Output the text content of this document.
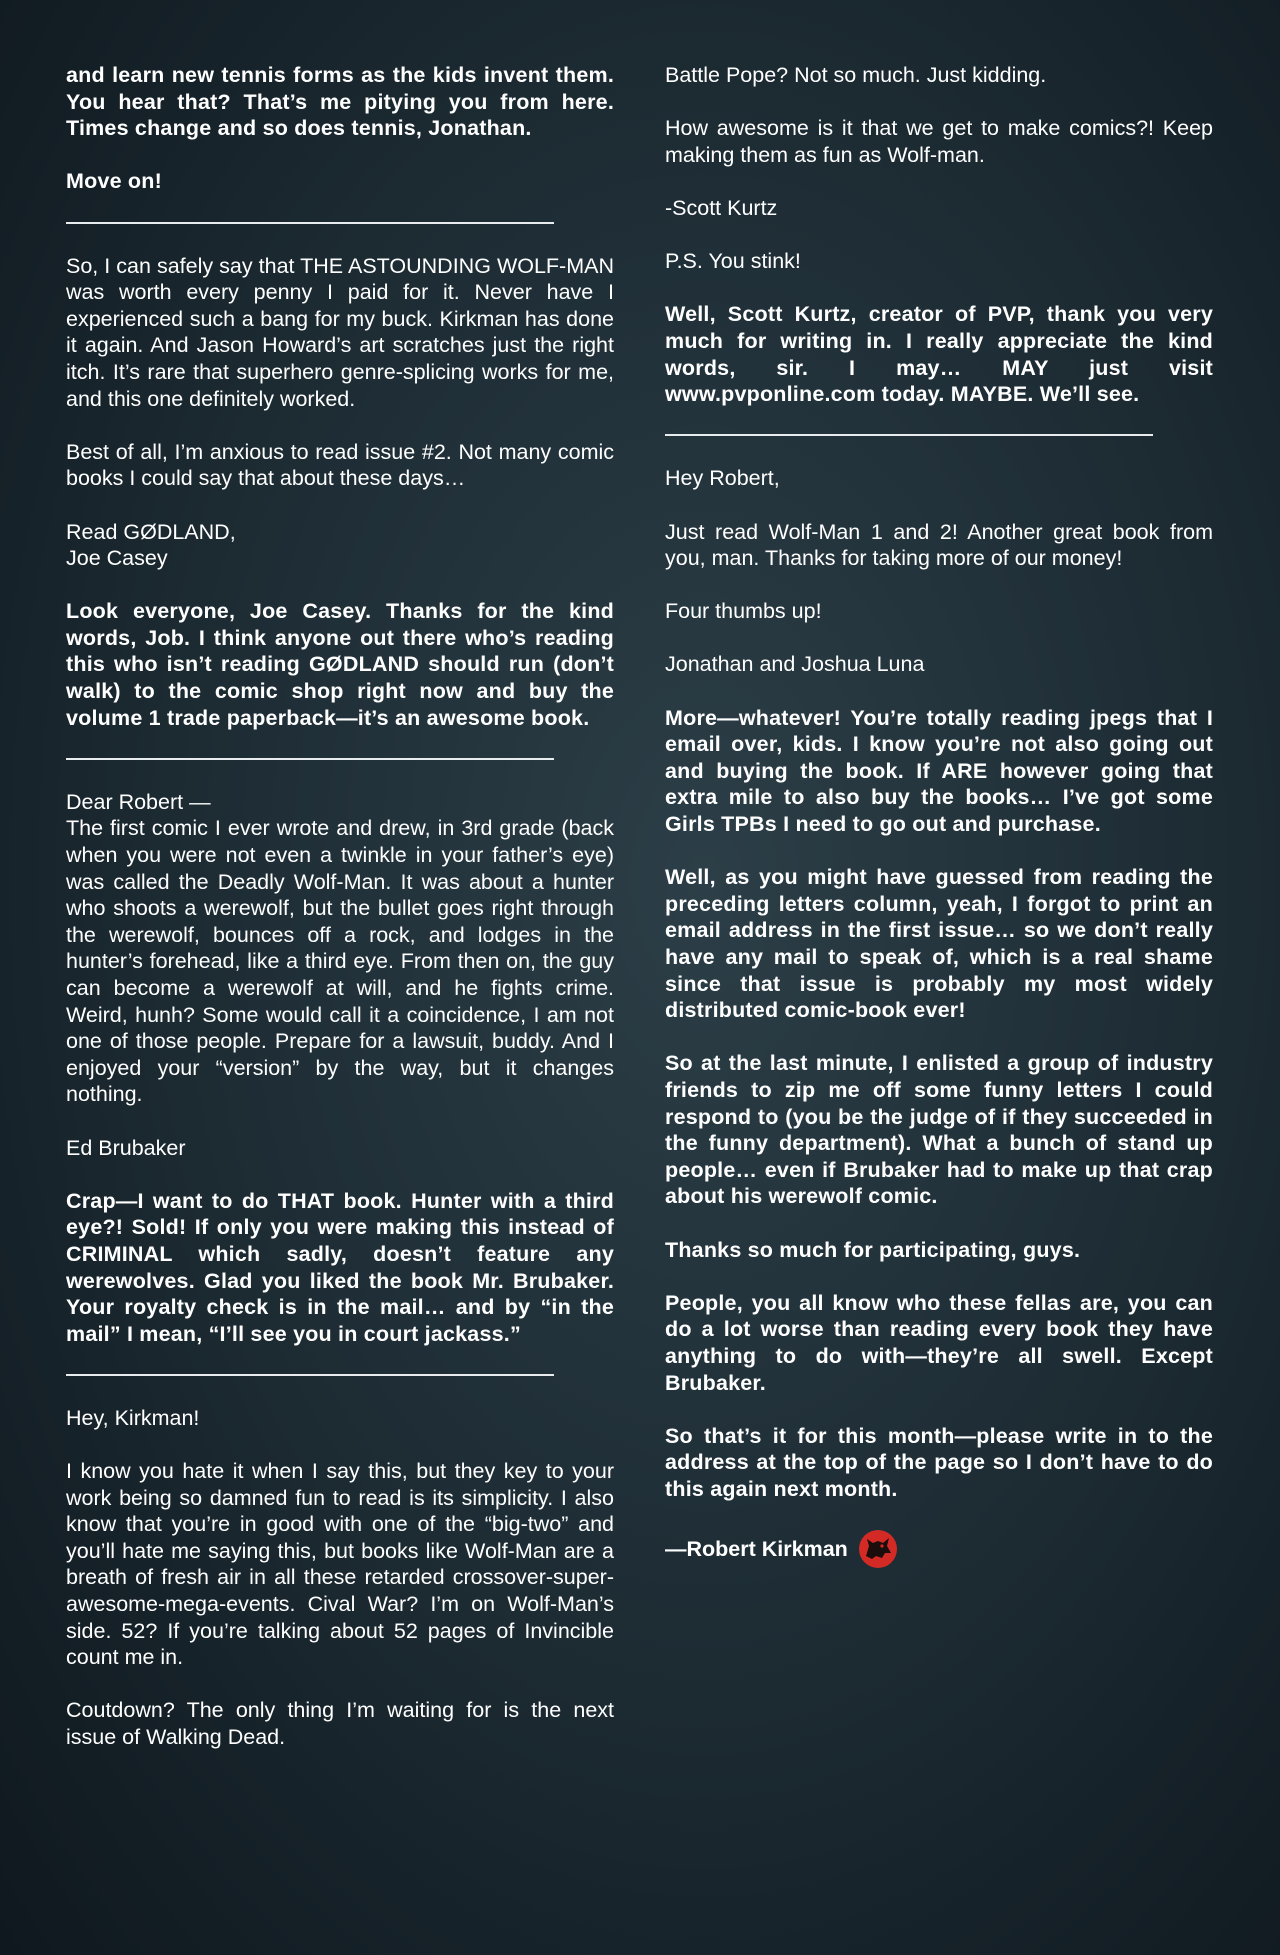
and learn new tennis forms as the kids invent them. You hear that? That’s me pitying you from here. Times change and so does tennis, Jonathan.

Move on!

So, I can safely say that THE ASTOUNDING WOLF-MAN was worth every penny I paid for it. Never have I experienced such a bang for my buck. Kirkman has done it again. And Jason Howard’s art scratches just the right itch. It’s rare that superhero genre-splicing works for me, and this one definitely worked.

Best of all, I’m anxious to read issue #2. Not many comic books I could say that about these days…

Read GØDLAND,

Joe Casey

Look everyone, Joe Casey. Thanks for the kind words, Job. I think anyone out there who’s reading this who isn’t reading GØDLAND should run (don’t walk) to the comic shop right now and buy the volume 1 trade paperback—it’s an awesome book.

Dear Robert —

The first comic I ever wrote and drew, in 3rd grade (back when you were not even a twinkle in your father’s eye) was called the Deadly Wolf-Man. It was about a hunter who shoots a werewolf, but the bullet goes right through the werewolf, bounces off a rock, and lodges in the hunter’s forehead, like a third eye. From then on, the guy can become a werewolf at will, and he fights crime. Weird, hunh? Some would call it a coincidence, I am not one of those people. Prepare for a lawsuit, buddy. And I enjoyed your “version” by the way, but it changes nothing.

Ed Brubaker

Crap—I want to do THAT book. Hunter with a third eye?! Sold! If only you were making this instead of CRIMINAL which sadly, doesn’t feature any werewolves. Glad you liked the book Mr. Brubaker. Your royalty check is in the mail… and by “in the mail” I mean, “I’ll see you in court jackass.”

Hey, Kirkman!

I know you hate it when I say this, but they key to your work being so damned fun to read is its simplicity. I also know that you’re in good with one of the “big-two” and you’ll hate me saying this, but books like Wolf-Man are a breath of fresh air in all these retarded crossover-super-awesome-mega-events. Cival War? I’m on Wolf-Man’s side. 52? If you’re talking about 52 pages of Invincible count me in.

Coutdown? The only thing I’m waiting for is the next issue of Walking Dead.

Battle Pope? Not so much. Just kidding.

How awesome is it that we get to make comics?! Keep making them as fun as Wolf-man.

-Scott Kurtz

P.S. You stink!

Well, Scott Kurtz, creator of PVP, thank you very much for writing in. I really appreciate the kind words, sir. I may… MAY just visit www.pvponline.com today. MAYBE. We’ll see.

Hey Robert,

Just read Wolf-Man 1 and 2! Another great book from you, man. Thanks for taking more of our money!

Four thumbs up!

Jonathan and Joshua Luna

More—whatever! You’re totally reading jpegs that I email over, kids. I know you’re not also going out and buying the book. If ARE however going that extra mile to also buy the books… I’ve got some Girls TPBs I need to go out and purchase.

Well, as you might have guessed from reading the preceding letters column, yeah, I forgot to print an email address in the first issue… so we don’t really have any mail to speak of, which is a real shame since that issue is probably my most widely distributed comic-book ever!

So at the last minute, I enlisted a group of industry friends to zip me off some funny letters I could respond to (you be the judge of if they succeeded in the funny department). What a bunch of stand up people… even if Brubaker had to make up that crap about his werewolf comic.

Thanks so much for participating, guys.

People, you all know who these fellas are, you can do a lot worse than reading every book they have anything to do with—they’re all swell. Except Brubaker.

So that’s it for this month—please write in to the address at the top of the page so I don’t have to do this again next month.

—Robert Kirkman
